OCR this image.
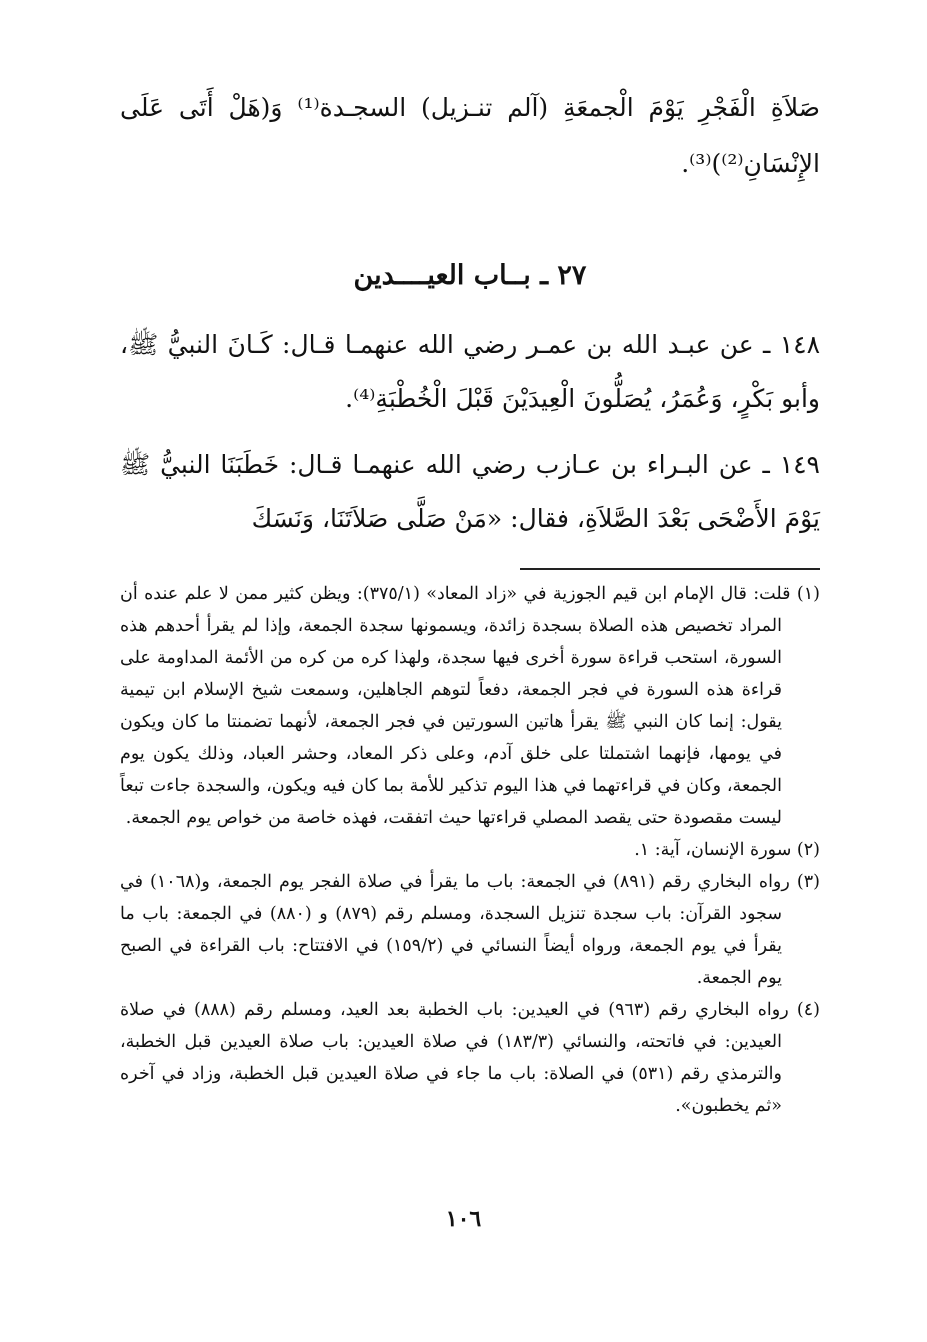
صَلاَةِ الْفَجْرِ يَوْمَ الْجمعَةِ (آلم تنـزيل) السجـدة⁽¹⁾ وَ(هَلْ أَتَى عَلَى الإِنْسَانِ⁽²⁾)⁽³⁾.

٢٧ ـ بــاب العيــــدين

١٤٨ ـ عن عبـد الله بن عمـر رضي الله عنهمـا قـال: كَـانَ النبيُّ ﷺ، وأبو بَكْرٍ، وَعُمَرُ، يُصَلُّونَ الْعِيدَيْنَ قَبْلَ الْخُطْبَةِ⁽⁴⁾.

١٤٩ ـ عن البـراء بن عـازب رضي الله عنهمـا قـال: خَطَبَنَا النبيُّ ﷺ يَوْمَ الأَضْحَى بَعْدَ الصَّلاَةِ، فقال: «مَنْ صَلَّى صَلاَتَنَا، وَنَسَكَ

(١) قلت: قال الإمام ابن قيم الجوزية في «زاد المعاد» (٣٧٥/١): ويظن كثير ممن لا علم عنده أن المراد تخصيص هذه الصلاة بسجدة زائدة، ويسمونها سجدة الجمعة، وإذا لم يقرأ أحدهم هذه السورة، استحب قراءة سورة أخرى فيها سجدة، ولهذا كره من كره من الأئمة المداومة على قراءة هذه السورة في فجر الجمعة، دفعاً لتوهم الجاهلين، وسمعت شيخ الإسلام ابن تيمية يقول: إنما كان النبي ﷺ يقرأ هاتين السورتين في فجر الجمعة، لأنهما تضمنتا ما كان ويكون في يومها، فإنهما اشتملتا على خلق آدم، وعلى ذكر المعاد، وحشر العباد، وذلك يكون يوم الجمعة، وكان في قراءتهما في هذا اليوم تذكير للأمة بما كان فيه ويكون، والسجدة جاءت تبعاً ليست مقصودة حتى يقصد المصلي قراءتها حيث اتفقت، فهذه خاصة من خواص يوم الجمعة.

(٢) سورة الإنسان، آية: ١.

(٣) رواه البخاري رقم (٨٩١) في الجمعة: باب ما يقرأ في صلاة الفجر يوم الجمعة، و(١٠٦٨) في سجود القرآن: باب سجدة تنزيل السجدة، ومسلم رقم (٨٧٩) و (٨٨٠) في الجمعة: باب ما يقرأ في يوم الجمعة، ورواه أيضاً النسائي في (١٥٩/٢) في الافتتاح: باب القراءة في الصبح يوم الجمعة.

(٤) رواه البخاري رقم (٩٦٣) في العيدين: باب الخطبة بعد العيد، ومسلم رقم (٨٨٨) في صلاة العيدين: في فاتحته، والنسائي (١٨٣/٣) في صلاة العيدين: باب صلاة العيدين قبل الخطبة، والترمذي رقم (٥٣١) في الصلاة: باب ما جاء في صلاة العيدين قبل الخطبة، وزاد في آخره «ثم يخطبون».

١٠٦
